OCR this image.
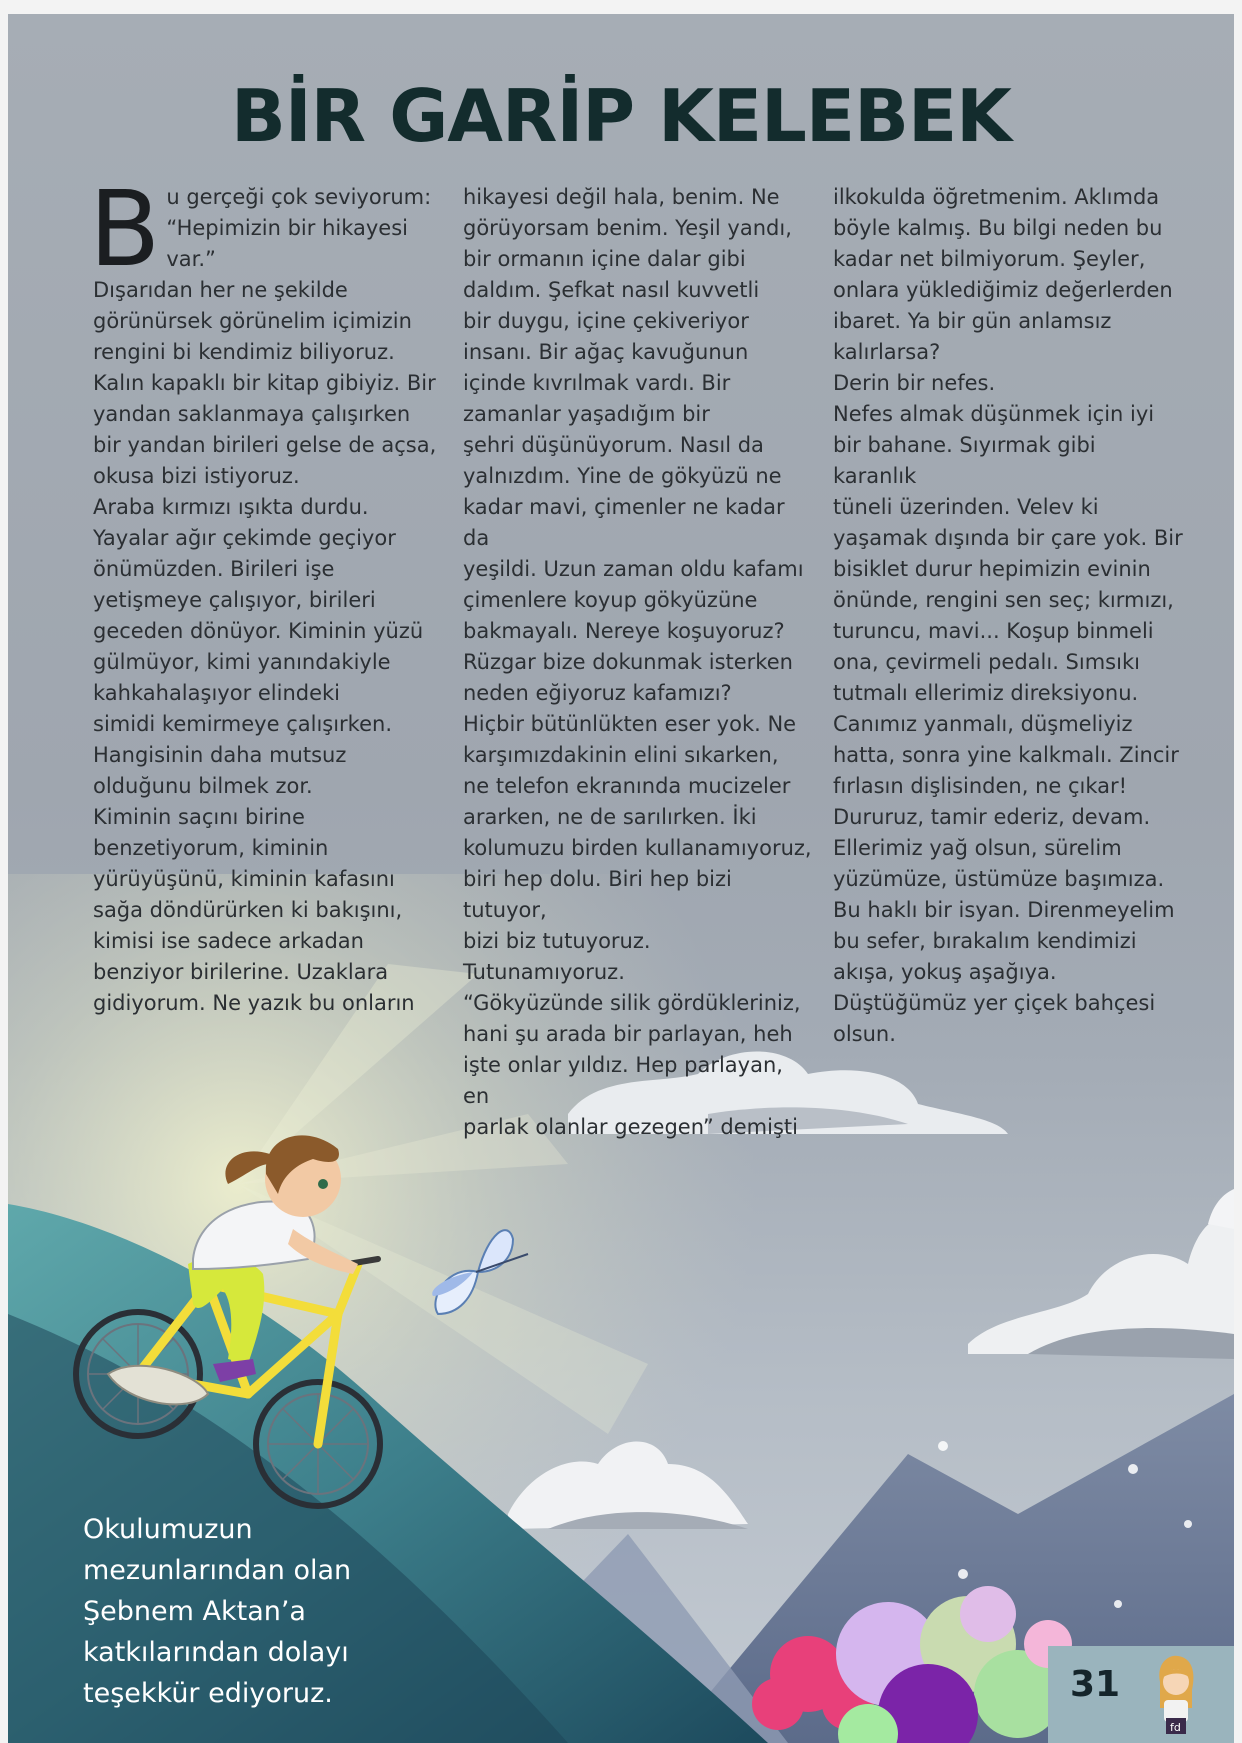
BİR GARİP KELEBEK
Bu gerçeği çok seviyorum:
“Hepimizin bir hikayesi
var.”
Dışarıdan her ne şekilde
görünürsek görünelim içimizin
rengini bi kendimiz biliyoruz.
Kalın kapaklı bir kitap gibiyiz. Bir
yandan saklanmaya çalışırken
bir yandan birileri gelse de açsa,
okusa bizi istiyoruz.
Araba kırmızı ışıkta durdu.
Yayalar ağır çekimde geçiyor
önümüzden. Birileri işe
yetişmeye çalışıyor, birileri
geceden dönüyor. Kiminin yüzü
gülmüyor, kimi yanındakiyle
kahkahalaşıyor elindeki
simidi kemirmeye çalışırken.
Hangisinin daha mutsuz
olduğunu bilmek zor.
Kiminin saçını birine
benzetiyorum, kiminin
yürüyüşünü, kiminin kafasını
sağa döndürürken ki bakışını,
kimisi ise sadece arkadan
benziyor birilerine. Uzaklara
gidiyorum. Ne yazık bu onların
hikayesi değil hala, benim. Ne
görüyorsam benim. Yeşil yandı,
bir ormanın içine dalar gibi
daldım. Şefkat nasıl kuvvetli
bir duygu, içine çekiveriyor
insanı. Bir ağaç kavuğunun
içinde kıvrılmak vardı. Bir
zamanlar yaşadığım bir
şehri düşünüyorum. Nasıl da
yalnızdım. Yine de gökyüzü ne
kadar mavi, çimenler ne kadar da
yeşildi. Uzun zaman oldu kafamı
çimenlere koyup gökyüzüne
bakmayalı. Nereye koşuyoruz?
Rüzgar bize dokunmak isterken
neden eğiyoruz kafamızı?
Hiçbir bütünlükten eser yok. Ne
karşımızdakinin elini sıkarken,
ne telefon ekranında mucizeler
ararken, ne de sarılırken. İki
kolumuzu birden kullanamıyoruz,
biri hep dolu. Biri hep bizi tutuyor,
bizi biz tutuyoruz. Tutunamıyoruz.
“Gökyüzünde silik gördükleriniz,
hani şu arada bir parlayan, heh
işte onlar yıldız. Hep parlayan, en
parlak olanlar gezegen” demişti
ilkokulda öğretmenim. Aklımda
böyle kalmış. Bu bilgi neden bu
kadar net bilmiyorum. Şeyler,
onlara yüklediğimiz değerlerden
ibaret. Ya bir gün anlamsız
kalırlarsa?
Derin bir nefes.
Nefes almak düşünmek için iyi
bir bahane. Sıyırmak gibi karanlık
tüneli üzerinden. Velev ki
yaşamak dışında bir çare yok. Bir
bisiklet durur hepimizin evinin
önünde, rengini sen seç; kırmızı,
turuncu, mavi... Koşup binmeli
ona, çevirmeli pedalı. Sımsıkı
tutmalı ellerimiz direksiyonu.
Canımız yanmalı, düşmeliyiz
hatta, sonra yine kalkmalı. Zincir
fırlasın dişlisinden, ne çıkar!
Dururuz, tamir ederiz, devam.
Ellerimiz yağ olsun, sürelim
yüzümüze, üstümüze başımıza.
Bu haklı bir isyan. Direnmeyelim
bu sefer, bırakalım kendimizi
akışa, yokuş aşağıya.
Düştüğümüz yer çiçek bahçesi
olsun.

Okulumuzun
mezunlarından olan
Şebnem Aktan’a
katkılarından dolayı
teşekkür ediyoruz.	31
fd
